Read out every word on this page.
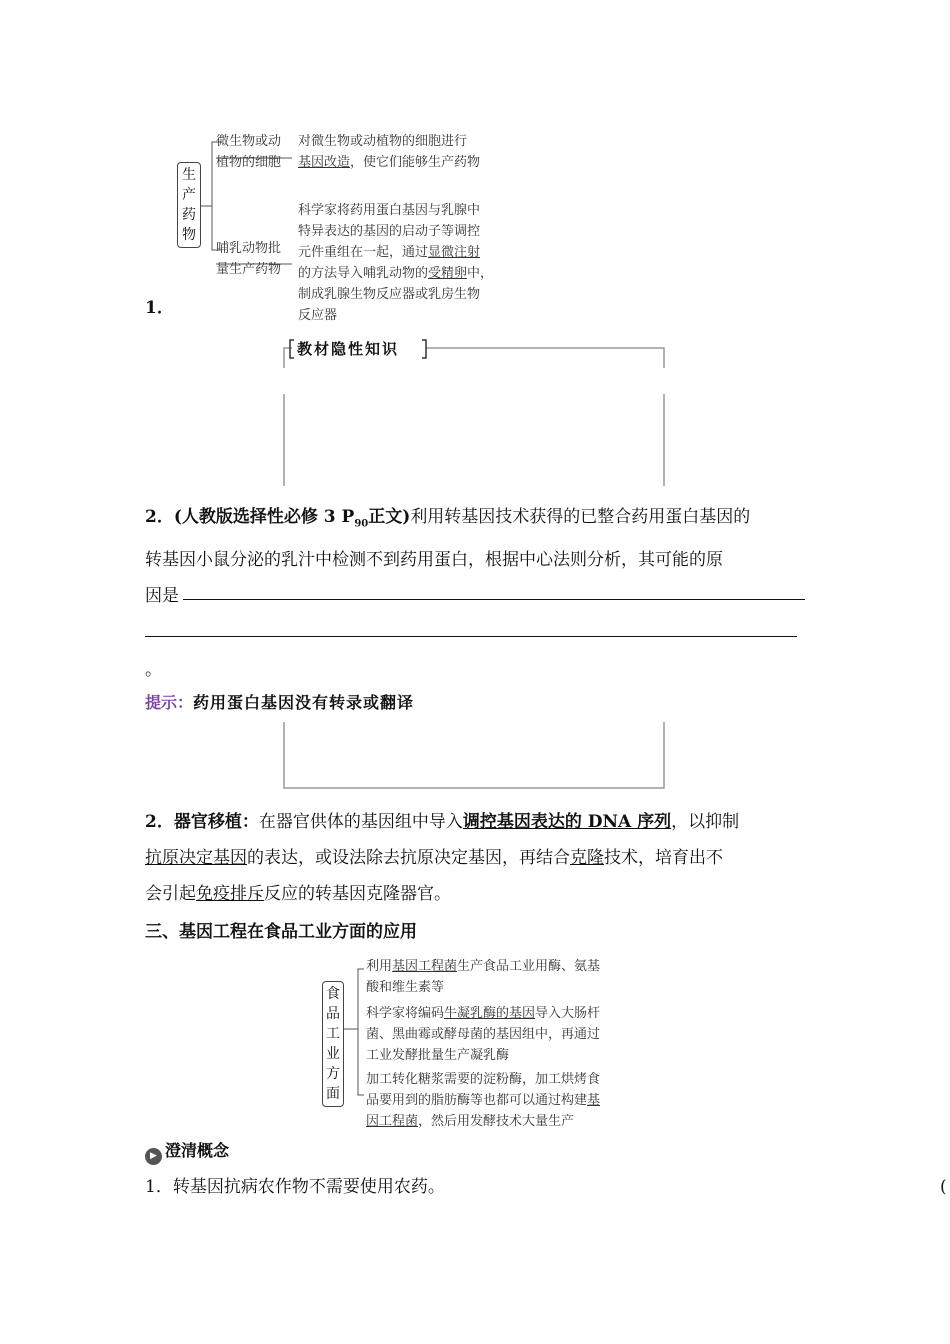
生产药物
微生物或动
植物的细胞
对微生物或动植物的细胞进行
基因改造，使它们能够生产药物
哺乳动物批
量生产药物
科学家将药用蛋白基因与乳腺中
特异表达的基因的启动子等调控
元件重组在一起，通过显微注射
的方法导入哺乳动物的受精卵中，
制成乳腺生物反应器或乳房生物
反应器
1．
教材隐性知识
2．(人教版选择性必修 3 $P_{90}$正文)利用转基因技术获得的已整合药用蛋白基因的
转基因小鼠分泌的乳汁中检测不到药用蛋白，根据中心法则分析，其可能的原
因是
。
提示：药用蛋白基因没有转录或翻译
2．器官移植：在器官供体的基因组中导入调控基因表达的 DNA 序列，以抑制
抗原决定基因的表达，或设法除去抗原决定基因，再结合克隆技术，培育出不
会引起免疫排斥反应的转基因克隆器官。
三、基因工程在食品工业方面的应用
食品工业方面
利用基因工程菌生产食品工业用酶、氨基
酸和维生素等
科学家将编码牛凝乳酶的基因导入大肠杆
菌、黑曲霉或酵母菌的基因组中，再通过
工业发酵批量生产凝乳酶
加工转化糖浆需要的淀粉酶，加工烘烤食
品要用到的脂肪酶等也都可以通过构建基
因工程菌，然后用发酵技术大量生产
▶ 澄清概念
1．转基因抗病农作物不需要使用农药。	(
